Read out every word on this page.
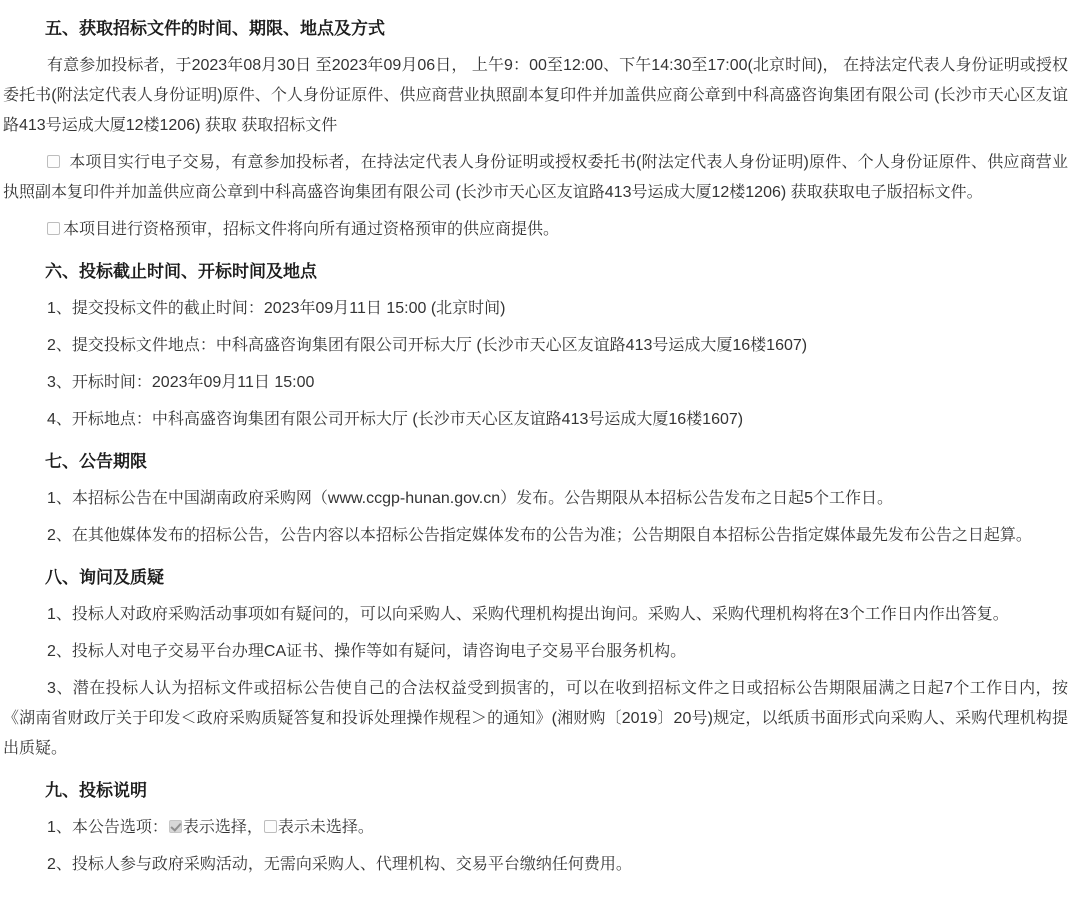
五、获取招标文件的时间、期限、地点及方式

有意参加投标者，于2023年08月30日 至2023年09月06日， 上午9：00至12:00、下午14:30至17:00(北京时间)， 在持法定代表人身份证明或授权委托书(附法定代表人身份证明)原件、个人身份证原件、供应商营业执照副本复印件并加盖供应商公章到中科高盛咨询集团有限公司 (长沙市天心区友谊路413号运成大厦12楼1206) 获取 获取招标文件

本项目实行电子交易，有意参加投标者，在持法定代表人身份证明或授权委托书(附法定代表人身份证明)原件、个人身份证原件、供应商营业执照副本复印件并加盖供应商公章到中科高盛咨询集团有限公司 (长沙市天心区友谊路413号运成大厦12楼1206) 获取获取电子版招标文件。

本项目进行资格预审，招标文件将向所有通过资格预审的供应商提供。

六、投标截止时间、开标时间及地点

1、提交投标文件的截止时间：2023年09月11日 15:00 (北京时间)

2、提交投标文件地点：中科高盛咨询集团有限公司开标大厅 (长沙市天心区友谊路413号运成大厦16楼1607)

3、开标时间：2023年09月11日 15:00

4、开标地点：中科高盛咨询集团有限公司开标大厅 (长沙市天心区友谊路413号运成大厦16楼1607)

七、公告期限

1、本招标公告在中国湖南政府采购网（www.ccgp-hunan.gov.cn）发布。公告期限从本招标公告发布之日起5个工作日。

2、在其他媒体发布的招标公告，公告内容以本招标公告指定媒体发布的公告为准；公告期限自本招标公告指定媒体最先发布公告之日起算。

八、询问及质疑

1、投标人对政府采购活动事项如有疑问的，可以向采购人、采购代理机构提出询问。采购人、采购代理机构将在3个工作日内作出答复。

2、投标人对电子交易平台办理CA证书、操作等如有疑问，请咨询电子交易平台服务机构。

3、潜在投标人认为招标文件或招标公告使自己的合法权益受到损害的，可以在收到招标文件之日或招标公告期限届满之日起7个工作日内，按《湖南省财政厅关于印发＜政府采购质疑答复和投诉处理操作规程＞的通知》(湘财购〔2019〕20号)规定，以纸质书面形式向采购人、采购代理机构提出质疑。

九、投标说明

1、本公告选项： 表示选择， 表示未选择。

2、投标人参与政府采购活动，无需向采购人、代理机构、交易平台缴纳任何费用。
